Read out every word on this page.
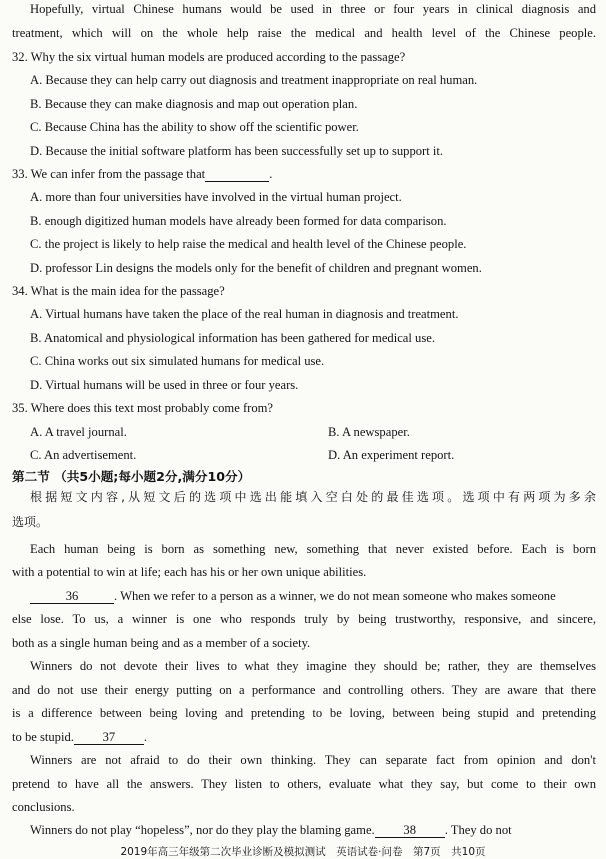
Hopefully, virtual Chinese humans would be used in three or four years in clinical diagnosis and
treatment, which will on the whole help raise the medical and health level of the Chinese people.
32. Why the six virtual human models are produced according to the passage?
A. Because they can help carry out diagnosis and treatment inappropriate on real human.
B. Because they can make diagnosis and map out operation plan.
C. Because China has the ability to show off the scientific power.
D. Because the initial software platform has been successfully set up to support it.
33. We can infer from the passage that	.
A. more than four universities have involved in the virtual human project.
B. enough digitized human models have already been formed for data comparison.
C. the project is likely to help raise the medical and health level of the Chinese people.
D. professor Lin designs the models only for the benefit of children and pregnant women.
34. What is the main idea for the passage?
A. Virtual humans have taken the place of the real human in diagnosis and treatment.
B. Anatomical and physiological information has been gathered for medical use.
C. China works out six simulated humans for medical use.
D. Virtual humans will be used in three or four years.
35. Where does this text most probably come from?
A. A travel journal.	B. A newspaper.
C. An advertisement.	D. An experiment report.
第二节 （共5小题;每小题2分,满分10分）
根据短文内容,从短文后的选项中选出能填入空白处的最佳选项。选项中有两项为多余
选项。
Each human being is born as something new, something that never existed before. Each is born
with a potential to win at life; each has his or her own unique abilities.
36	. When we refer to a person as a winner, we do not mean someone who makes someone
else lose. To us, a winner is one who responds truly by being trustworthy, responsive, and sincere,
both as a single human being and as a member of a society.
Winners do not devote their lives to what they imagine they should be; rather, they are themselves
and do not use their energy putting on a performance and controlling others. They are aware that there
is a difference between being loving and pretending to be loving, between being stupid and pretending
to be stupid. 37 .
Winners are not afraid to do their own thinking. They can separate fact from opinion and don't
pretend to have all the answers. They listen to others, evaluate what they say, but come to their own
conclusions.
Winners do not play “hopeless”, nor do they play the blaming game. 38 . They do not
2019年高三年级第二次毕业诊断及模拟测试　英语试卷·问卷　第7页　共10页
